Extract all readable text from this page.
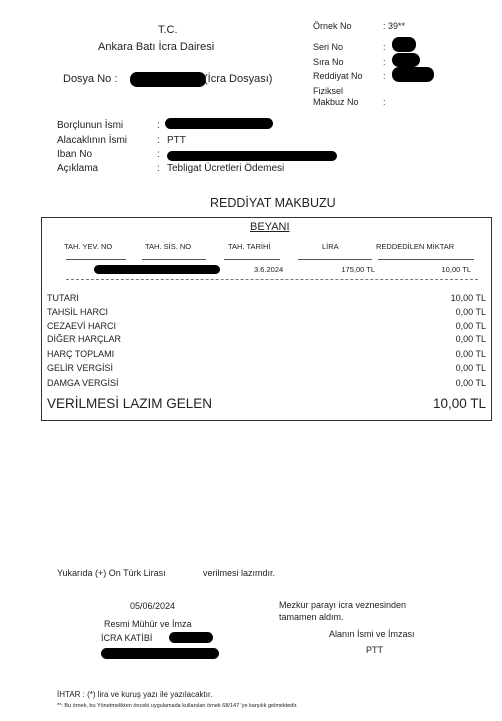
T.C.
Ankara Batı İcra Dairesi
Dosya No :	(İcra Dosyası)
Örnek No	: 39**
Seri No	:
Sıra No	:
Reddiyat No :
Fiziksel
Makbuz No	:
Borçlunun İsmi	:
Alacaklının İsmi	: PTT
Iban No	:
Açıklama	: Tebligat Ücretleri Ödemesi
REDDİYAT MAKBUZU
BEYANI
TAH. YEV. NO	TAH. SİS. NO	TAH. TARİHİ	LİRA	REDDEDİLEN MİKTAR
3.6.2024	175,00 TL	10,00 TL
TUTARI	10,00 TL
TAHSİL HARCI	0,00 TL
CEZAEVİ HARCI	0,00 TL
DİĞER HARÇLAR	0,00 TL
HARÇ TOPLAMI	0,00 TL
GELİR VERGİSİ	0,00 TL
DAMGA VERGİSİ	0,00 TL
VERİLMESİ LAZIM GELEN	10,00 TL
Yukarıda (+) On Türk Lirası	verilmesi lazımdır.
05/06/2024
Resmi Mühür ve İmza
İCRA KATİBİ
Mezkur parayı icra veznesinden
tamamen aldım.
Alanın İsmi ve İmzası
PTT
İHTAR : (*) lira ve kuruş yazı ile yazılacaktır.
**: Bu örnek, bu Yönetmelikten önceki uygulamada kullanılan örnek 68/147 'ye karşılık gelmektedir.
